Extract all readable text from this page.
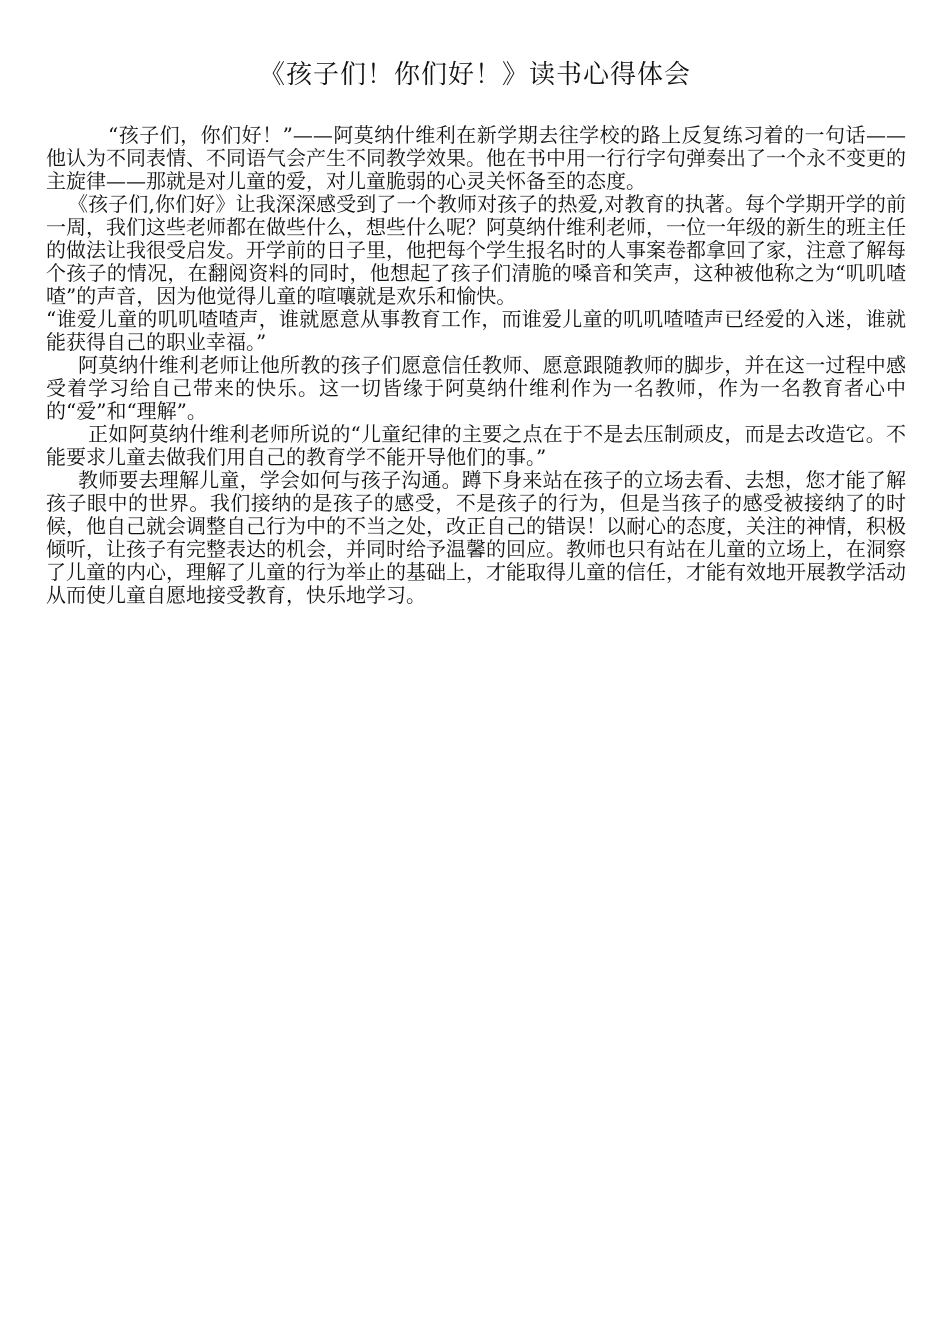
《孩子们！你们好！》读书心得体会

“孩子们，你们好！”——阿莫纳什维利在新学期去往学校的路上反复练习着的一句话——他认为不同表情、不同语气会产生不同教学效果。他在书中用一行行字句弹奏出了一个永不变更的主旋律——那就是对儿童的爱，对儿童脆弱的心灵关怀备至的态度。

《孩子们,你们好》让我深深感受到了一个教师对孩子的热爱,对教育的执著。每个学期开学的前一周，我们这些老师都在做些什么，想些什么呢？阿莫纳什维利老师，一位一年级的新生的班主任的做法让我很受启发。开学前的日子里，他把每个学生报名时的人事案卷都拿回了家，注意了解每个孩子的情况，在翻阅资料的同时，他想起了孩子们清脆的嗓音和笑声，这种被他称之为“叽叽喳喳”的声音，因为他觉得儿童的喧嚷就是欢乐和愉快。

“谁爱儿童的叽叽喳喳声，谁就愿意从事教育工作，而谁爱儿童的叽叽喳喳声已经爱的入迷，谁就能获得自己的职业幸福。”

阿莫纳什维利老师让他所教的孩子们愿意信任教师、愿意跟随教师的脚步，并在这一过程中感受着学习给自己带来的快乐。这一切皆缘于阿莫纳什维利作为一名教师，作为一名教育者心中的“爱”和“理解”。

正如阿莫纳什维利老师所说的“儿童纪律的主要之点在于不是去压制顽皮，而是去改造它。不能要求儿童去做我们用自己的教育学不能开导他们的事。”

教师要去理解儿童，学会如何与孩子沟通。蹲下身来站在孩子的立场去看、去想，您才能了解孩子眼中的世界。我们接纳的是孩子的感受，不是孩子的行为，但是当孩子的感受被接纳了的时候，他自己就会调整自己行为中的不当之处，改正自己的错误！以耐心的态度，关注的神情，积极倾听，让孩子有完整表达的机会，并同时给予温馨的回应。教师也只有站在儿童的立场上，在洞察了儿童的内心，理解了儿童的行为举止的基础上，才能取得儿童的信任，才能有效地开展教学活动从而使儿童自愿地接受教育，快乐地学习。
